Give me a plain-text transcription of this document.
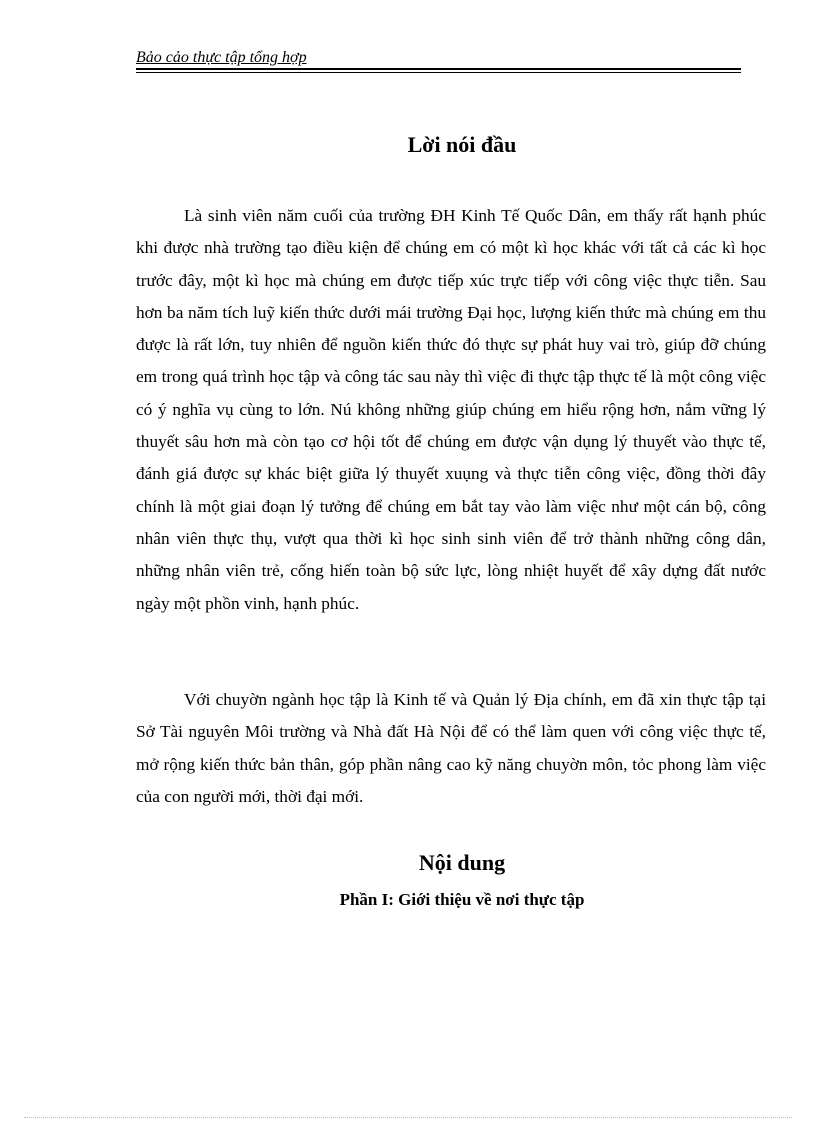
Bảo cảo thực tập tổng hợp
Lời nói đầu

Là sinh viên năm cuối của trường ĐH Kinh Tế Quốc Dân, em thấy rất hạnh phúc khi được nhà trường tạo điều kiện để chúng em có một kì học khác với tất cả các kì học trước đây, một kì học mà chúng em được tiếp xúc trực tiếp với công việc thực tiễn. Sau hơn ba năm tích luỹ kiến thức dưới mái trường Đại học, lượng kiến thức mà chúng em thu được là rất lớn, tuy nhiên để nguồn kiến thức đó thực sự phát huy vai trò, giúp đỡ chúng em trong quá trình học tập và công tác sau này thì việc đi thực tập thực tế là một công việc có ý nghĩa vụ cùng to lớn. Nú không những giúp chúng em hiểu rộng hơn, nắm vững lý thuyết sâu hơn mà còn tạo cơ hội tốt để chúng em được vận dụng lý thuyết vào thực tế, đánh giá được sự khác biệt giữa lý thuyết xuụng và thực tiễn công việc, đồng thời đây chính là một giai đoạn lý tưởng để chúng em bắt tay vào làm việc như một cán bộ, công nhân viên thực thụ, vượt qua thời kì học sinh sinh viên để trở thành những công dân, những nhân viên trẻ, cống hiến toàn bộ sức lực, lòng nhiệt huyết để xây dựng đất nước ngày một phồn vinh, hạnh phúc.

Với chuyờn ngành học tập là Kinh tế và Quản lý Địa chính, em đã xin thực tập tại Sở Tài nguyên Môi trường và Nhà đất Hà Nội để có thể làm quen với công việc thực tế, mở rộng kiến thức bản thân, góp phần nâng cao kỹ năng chuyờn môn, tỏc phong làm việc của con người mới, thời đại mới.

Nội dung
Phần I: Giới thiệu về nơi thực tập
